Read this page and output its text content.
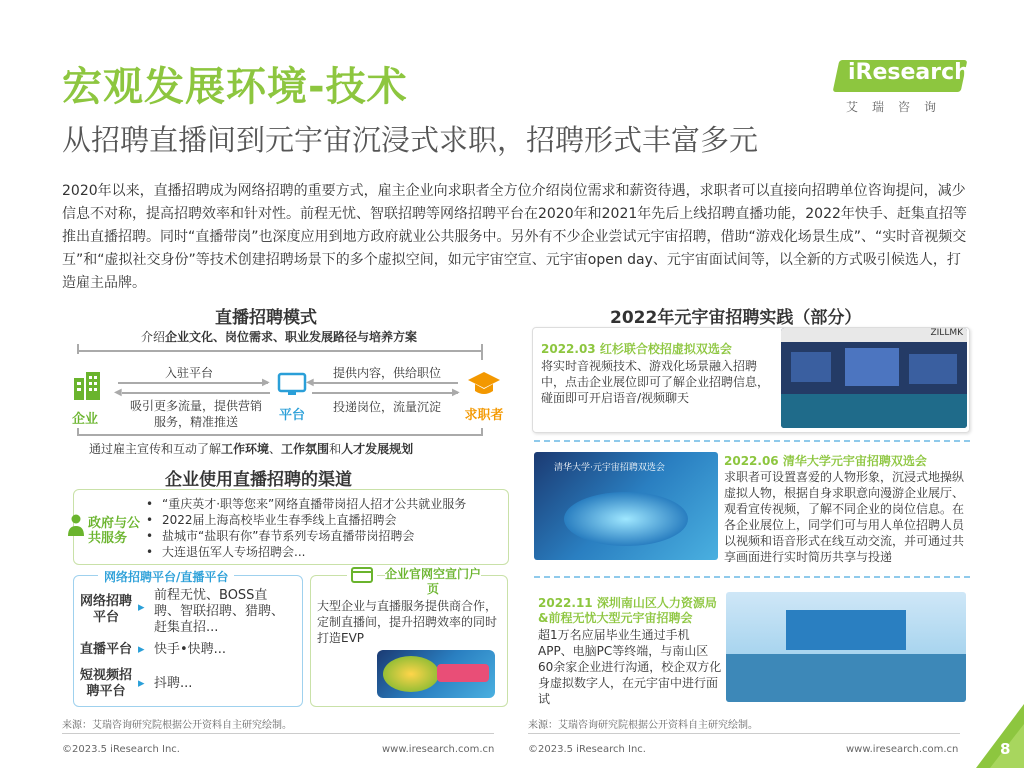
宏观发展环境-技术
从招聘直播间到元宇宙沉浸式求职，招聘形式丰富多元
iResearch
艾瑞咨询
2020年以来，直播招聘成为网络招聘的重要方式，雇主企业向求职者全方位介绍岗位需求和薪资待遇，求职者可以直接向招聘单位咨询提问，减少信息不对称，提高招聘效率和针对性。前程无忧、智联招聘等网络招聘平台在2020年和2021年先后上线招聘直播功能，2022年快手、赶集直招等推出直播招聘。同时“直播带岗”也深度应用到地方政府就业公共服务中。另外有不少企业尝试元宇宙招聘，借助“游戏化场景生成”、“实时音视频交互”和“虚拟社交身份”等技术创建招聘场景下的多个虚拟空间，如元宇宙空宣、元宇宙open day、元宇宙面试间等，以全新的方式吸引候选人，打造雇主品牌。
直播招聘模式
介绍企业文化、岗位需求、职业发展路径与培养方案
企业	平台	求职者
入驻平台
▶
◀
吸引更多流量，提供营销服务，精准推送
提供内容，供给职位
◀
▶
投递岗位，流量沉淀
通过雇主宣传和互动了解工作环境、工作氛围和人才发展规划
企业使用直播招聘的渠道
政府与公共服务
• “重庆英才·职等您来”网络直播带岗招人招才公共就业服务
• 2022届上海高校毕业生春季线上直播招聘会
• 盐城市“盐职有你”春节系列专场直播带岗招聘会
• 大连退伍军人专场招聘会...
网络招聘平台/直播平台
网络招聘平台
▸
前程无忧、BOSS直聘、智联招聘、猎聘、赶集直招...
直播平台 ▸ 快手•快聘...
短视频招聘平台
▸ 抖聘...
企业官网空宣门户页
大型企业与直播服务提供商合作，定制直播间，提升招聘效率的同时打造EVP
2022年元宇宙招聘实践（部分）
2022.03 红杉联合校招虚拟双选会
将实时音视频技术、游戏化场景融入招聘中，点击企业展位即可了解企业招聘信息，碰面即可开启语音/视频聊天
ZILLMK
清华大学·元宇宙招聘双选会	2022.06 清华大学元宇宙招聘双选会
求职者可设置喜爱的人物形象，沉浸式地操纵虚拟人物，根据自身求职意向漫游企业展厅、观看宣传视频，了解不同企业的岗位信息。在各企业展位上，同学们可与用人单位招聘人员以视频和语音形式在线互动交流，并可通过共享画面进行实时简历共享与投递
2022.11 深圳南山区人力资源局&前程无忧大型元宇宙招聘会
超1万名应届毕业生通过手机APP、电脑PC等终端，与南山区60余家企业进行沟通，校企双方化身虚拟数字人，在元宇宙中进行面试
来源：艾瑞咨询研究院根据公开资料自主研究绘制。	来源：艾瑞咨询研究院根据公开资料自主研究绘制。
©2023.5 iResearch Inc.	www.iresearch.com.cn	©2023.5 iResearch Inc.	www.iresearch.com.cn	8
